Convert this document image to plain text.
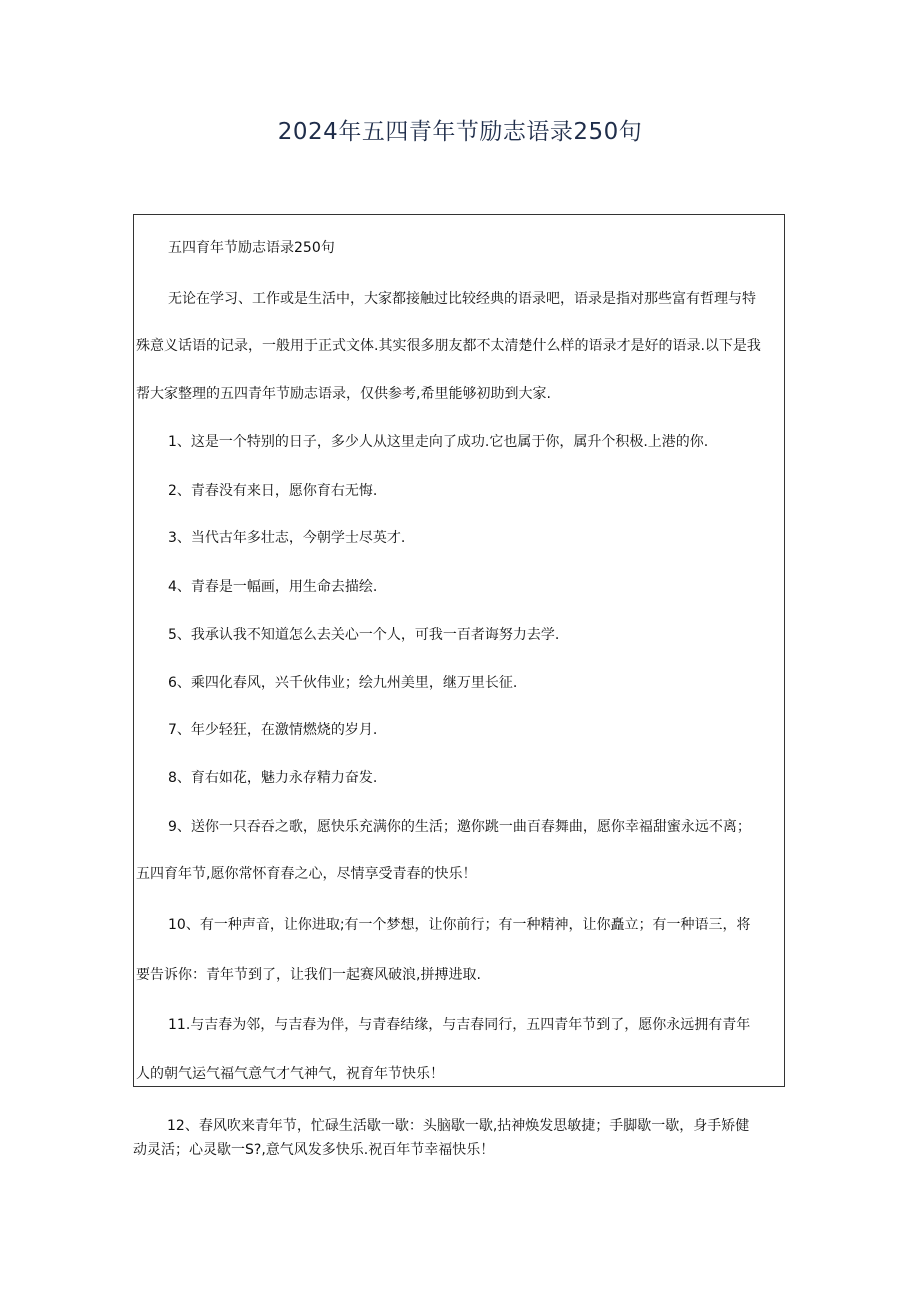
2024年五四青年节励志语录250句
五四育年节励志语录250句
无论在学习、工作或是生活中，大家都接触过比较经典的语录吧，语录是指对那些富有哲理与特
殊意义话语的记录，一般用于正式文体.其实很多朋友都不太清楚什么样的语录才是好的语录.以下是我
帮大家整理的五四青年节励志语录，仅供参考,希里能够初助到大家.
1、这是一个特别的日子，多少人从这里走向了成功.它也属于你，属升个积极.上港的你.
2、青春没有来日，愿你育右无悔.
3、当代古年多壮志，今朝学士尽英才.
4、青春是一幅画，用生命去描绘.
5、我承认我不知道怎么去关心一个人，可我一百者诲努力去学.
6、乘四化春风，兴千伙伟业；绘九州美里，继万里长征.
7、年少轻狂，在激情燃烧的岁月.
8、育右如花，魅力永存精力奋发.
9、送你一只吞吞之歌，愿快乐充满你的生活；邀你跳一曲百春舞曲，愿你幸福甜蜜永远不离；
五四育年节,愿你常怀育春之心，尽情享受青春的快乐！
10、有一种声音，让你进取;有一个梦想，让你前行；有一种精神，让你矗立；有一种语三，将
要告诉你：青年节到了，让我们一起赛风破浪,拼搏进取.
11.与吉春为邻，与吉春为伴，与青春结缘，与吉春同行，五四青年节到了，愿你永远拥有青年
人的朝气运气福气意气才气神气，祝育年节快乐！
12、春风吹来青年节，忙碌生活歇一歇：头脑歇一歇,拈神焕发思敏捷；手脚歇一歇，身手矫健
动灵活；心灵歇一S?,意气风发多快乐.祝百年节幸福快乐！
